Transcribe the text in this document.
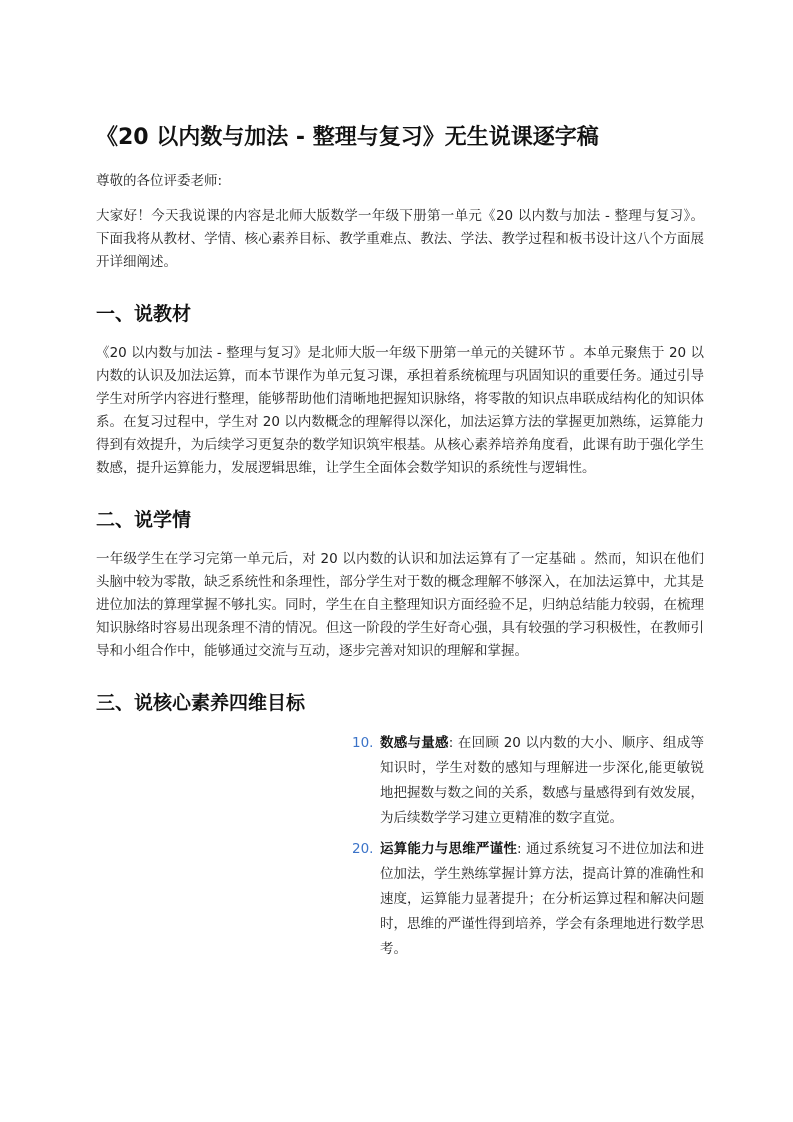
《20 以内数与加法 - 整理与复习》无生说课逐字稿

尊敬的各位评委老师:

大家好！今天我说课的内容是北师大版数学一年级下册第一单元《20 以内数与加法 - 整理与复习》。下面我将从教材、学情、核心素养目标、教学重难点、教法、学法、教学过程和板书设计这八个方面展开详细阐述。

一、说教材

《20 以内数与加法 - 整理与复习》是北师大版一年级下册第一单元的关键环节 。本单元聚焦于 20 以内数的认识及加法运算，而本节课作为单元复习课，承担着系统梳理与巩固知识的重要任务。通过引导学生对所学内容进行整理，能够帮助他们清晰地把握知识脉络，将零散的知识点串联成结构化的知识体系。在复习过程中，学生对 20 以内数概念的理解得以深化，加法运算方法的掌握更加熟练，运算能力得到有效提升，为后续学习更复杂的数学知识筑牢根基。从核心素养培养角度看，此课有助于强化学生数感，提升运算能力，发展逻辑思维，让学生全面体会数学知识的系统性与逻辑性。

二、说学情

一年级学生在学习完第一单元后，对 20 以内数的认识和加法运算有了一定基础 。然而，知识在他们头脑中较为零散，缺乏系统性和条理性，部分学生对于数的概念理解不够深入，在加法运算中，尤其是进位加法的算理掌握不够扎实。同时，学生在自主整理知识方面经验不足，归纳总结能力较弱，在梳理知识脉络时容易出现条理不清的情况。但这一阶段的学生好奇心强，具有较强的学习积极性，在教师引导和小组合作中，能够通过交流与互动，逐步完善对知识的理解和掌握。

三、说核心素养四维目标
10. 数感与量感: 在回顾 20 以内数的大小、顺序、组成等知识时，学生对数的感知与理解进一步深化,能更敏锐地把握数与数之间的关系，数感与量感得到有效发展，为后续数学学习建立更精准的数字直觉。
20. 运算能力与思维严谨性: 通过系统复习不进位加法和进位加法，学生熟练掌握计算方法，提高计算的准确性和速度，运算能力显著提升；在分析运算过程和解决问题时，思维的严谨性得到培养，学会有条理地进行数学思考。
